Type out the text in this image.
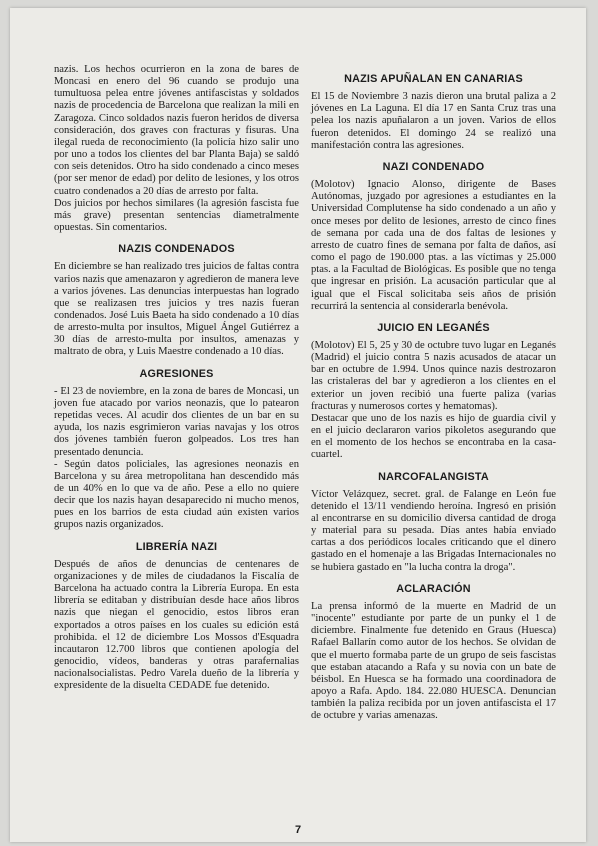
nazis. Los hechos ocurrieron en la zona de bares de Moncasi en enero del 96 cuando se produjo una tumultuosa pelea entre jóvenes antifascistas y soldados nazis de procedencia de Barcelona que realizan la mili en Zaragoza. Cinco soldados nazis fueron heridos de diversa consideración, dos graves con fracturas y fisuras. Una ilegal rueda de reconocimiento (la policía hizo salir uno por uno a todos los clientes del bar Planta Baja) se saldó con seis detenidos. Otro ha sido condenado a cinco meses (por ser menor de edad) por delito de lesiones, y los otros cuatro condenados a 20 días de arresto por falta.

Dos juicios por hechos similares (la agresión fascista fue más grave) presentan sentencias diametralmente opuestas. Sin comentarios.

NAZIS CONDENADOS

En diciembre se han realizado tres juicios de faltas contra varios nazis que amenazaron y agredieron de manera leve a varios jóvenes. Las denuncias interpuestas han logrado que se realizasen tres juicios y tres nazis fueran condenados. José Luis Baeta ha sido condenado a 10 días de arresto-multa por insultos, Miguel Ángel Gutiérrez a 30 días de arresto-multa por insultos, amenazas y maltrato de obra, y Luis Maestre condenado a 10 días.

AGRESIONES

- El 23 de noviembre, en la zona de bares de Moncasi, un joven fue atacado por varios neonazis, que lo patearon repetidas veces. Al acudir dos clientes de un bar en su ayuda, los nazis esgrimieron varias navajas y los otros dos jóvenes también fueron golpeados. Los tres han presentado denuncia.

- Según datos policiales, las agresiones neonazis en Barcelona y su área metropolitana han descendido más de un 40% en lo que va de año. Pese a ello no quiere decir que los nazis hayan desaparecido ni mucho menos, pues en los barrios de esta ciudad aún existen varios grupos nazis organizados.

LIBRERÍA NAZI

Después de años de denuncias de centenares de organizaciones y de miles de ciudadanos la Fiscalía de Barcelona ha actuado contra la Librería Europa. En esta librería se editaban y distribuían desde hace años libros nazis que niegan el genocidio, estos libros eran exportados a otros países en los cuales su edición está prohibida. el 12 de diciembre Los Mossos d'Esquadra incautaron 12.700 libros que contienen apología del genocidio, vídeos, banderas y otras parafernalias nacionalsocialistas. Pedro Varela dueño de la librería y expresidente de la disuelta CEDADE fue detenido.

NAZIS APUÑALAN EN CANARIAS

El 15 de Noviembre 3 nazis dieron una brutal paliza a 2 jóvenes en La Laguna. El día 17 en Santa Cruz tras una pelea los nazis apuñalaron a un joven. Varios de ellos fueron detenidos. El domingo 24 se realizó una manifestación contra las agresiones.

NAZI CONDENADO

(Molotov) Ignacio Alonso, dirigente de Bases Autónomas, juzgado por agresiones a estudiantes en la Universidad Complutense ha sido condenado a un año y once meses por delito de lesiones, arresto de cinco fines de semana por cada una de dos faltas de lesiones y arresto de cuatro fines de semana por falta de daños, así como el pago de 190.000 ptas. a las víctimas y 25.000 ptas. a la Facultad de Biológicas. Es posible que no tenga que ingresar en prisión. La acusación particular que al igual que el Fiscal solicitaba seis años de prisión recurrirá la sentencia al considerarla benévola.

JUICIO EN LEGANÉS

(Molotov) El 5, 25 y 30 de octubre tuvo lugar en Leganés (Madrid) el juicio contra 5 nazis acusados de atacar un bar en octubre de 1.994. Unos quince nazis destrozaron las cristaleras del bar y agredieron a los clientes en el exterior un joven recibió una fuerte paliza (varias fracturas y numerosos cortes y hematomas).

Destacar que uno de los nazis es hijo de guardia civil y en el juicio declararon varios pikoletos asegurando que en el momento de los hechos se encontraba en la casa-cuartel.

NARCOFALANGISTA

Víctor Velázquez, secret. gral. de Falange en León fue detenido el 13/11 vendiendo heroína. Ingresó en prisión al encontrarse en su domicilio diversa cantidad de droga y material para su pesada. Días antes había enviado cartas a dos periódicos locales criticando que el dinero gastado en el homenaje a las Brigadas Internacionales no se hubiera gastado en "la lucha contra la droga".

ACLARACIÓN

La prensa informó de la muerte en Madrid de un "inocente" estudiante por parte de un punky el 1 de diciembre. Finalmente fue detenido en Graus (Huesca) Rafael Ballarín como autor de los hechos. Se olvidan de que el muerto formaba parte de un grupo de seis fascistas que estaban atacando a Rafa y su novia con un bate de béisbol. En Huesca se ha formado una coordinadora de apoyo a Rafa. Apdo. 184. 22.080 HUESCA. Denuncian también la paliza recibida por un joven antifascista el 17 de octubre y varias amenazas.

7
